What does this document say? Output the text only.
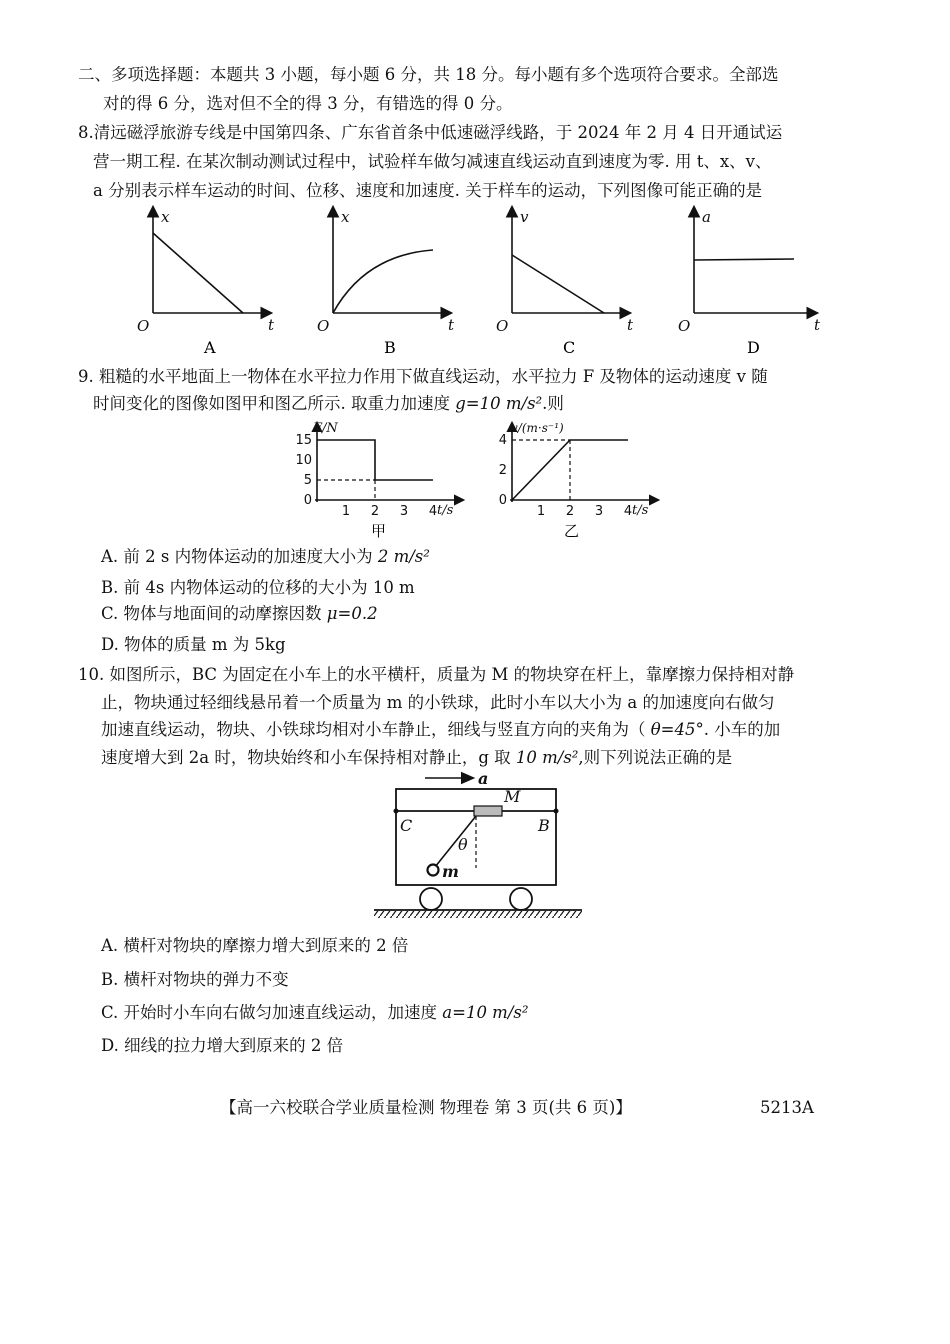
二、多项选择题：本题共 3 小题，每小题 6 分，共 18 分。每小题有多个选项符合要求。全部选
对的得 6 分，选对但不全的得 3 分，有错选的得 0 分。
8.清远磁浮旅游专线是中国第四条、广东省首条中低速磁浮线路，于 2024 年 2 月 4 日开通试运
营一期工程. 在某次制动测试过程中，试验样车做匀减速直线运动直到速度为零. 用 t、x、v、
a 分别表示样车运动的时间、位移、速度和加速度. 关于样车的运动，下列图像可能正确的是
x
t
O
A
x
t
O
B
v
t
O
C
a
t
O
D
9. 粗糙的水平地面上一物体在水平拉力作用下做直线运动，水平拉力 F 及物体的运动速度 v 随
时间变化的图像如图甲和图乙所示. 取重力加速度 g=10 m/s².则
15
10
5
0
1 2 3 4
F/N
t/s
甲
4
2
0
1 2 3 4
v/(m·s⁻¹)
t/s
乙
A. 前 2 s 内物体运动的加速度大小为 2 m/s²
B. 前 4s 内物体运动的位移的大小为 10 m
C. 物体与地面间的动摩擦因数 μ=0.2
D. 物体的质量 m 为 5kg
10. 如图所示，BC 为固定在小车上的水平横杆，质量为 M 的物块穿在杆上，靠摩擦力保持相对静
止，物块通过轻细线悬吊着一个质量为 m 的小铁球，此时小车以大小为 a 的加速度向右做匀
加速直线运动，物块、小铁球均相对小车静止，细线与竖直方向的夹角为（ θ=45°. 小车的加
速度增大到 2a 时，物块始终和小车保持相对静止，g 取 10 m/s²,则下列说法正确的是
a
C	B
M
θ
m
A. 横杆对物块的摩擦力增大到原来的 2 倍
B. 横杆对物块的弹力不变
C. 开始时小车向右做匀加速直线运动，加速度 a=10 m/s²
D. 细线的拉力增大到原来的 2 倍
【高一六校联合学业质量检测 物理卷 第 3 页(共 6 页)】	5213A
